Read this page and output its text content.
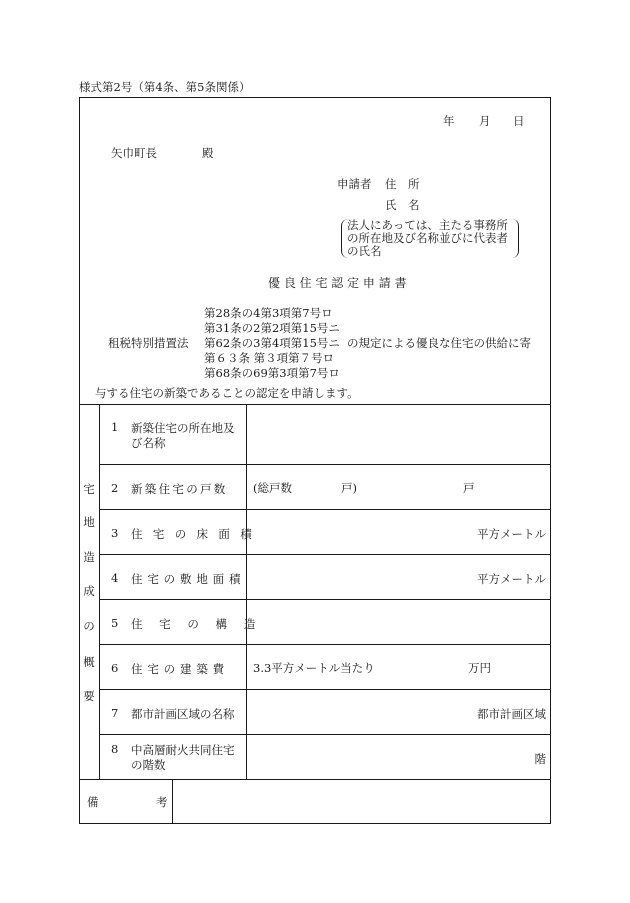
様式第2号（第4条、第5条関係）
年 月 日
矢巾町長	殿
申請者 住　所
氏　名
法人にあっては、主たる事務所
の所在地及び名称並びに代表者
の氏名
優 良 住 宅 認 定 申 請 書
第28条の4第3項第7号ロ
第31条の2第2項第15号ニ
第62条の3第4項第15号ニ
第６３条 第３項第７号ロ
第68条の69第3項第7号ロ
租税特別措置法	の規定による優良な住宅の供給に寄
与する住宅の新築であることの認定を申請します。
宅
地
造
成
の
概
要
1 新築住宅の所在地及
び名称
2 新築住宅の戸数 (総戸数	戸)	戸
3 住宅の床面積	平方メートル
4 住宅の敷地面積	平方メートル
5 住宅の構造
6 住宅の建築費 3.3平方メートル当たり	万円
7 都市計画区域の名称	都市計画区域
8 中高層耐火共同住宅
の階数	階
備	考
